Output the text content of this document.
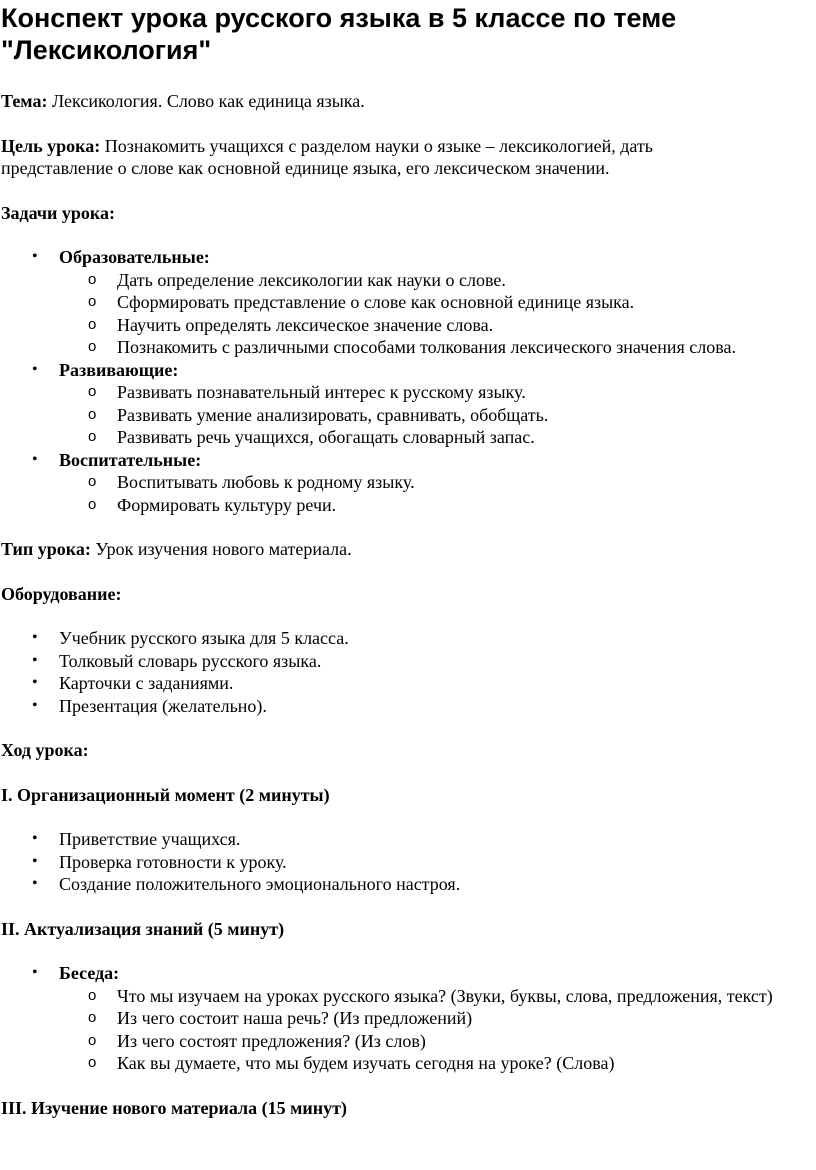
Конспект урока русского языка в 5 классе по теме "Лексикология"

Тема: Лексикология. Слово как единица языка.

Цель урока: Познакомить учащихся с разделом науки о языке – лексикологией, дать представление о слове как основной единице языка, его лексическом значении.

Задачи урока:

• Образовательные:
o Дать определение лексикологии как науки о слове.
o Сформировать представление о слове как основной единице языка.
o Научить определять лексическое значение слова.
o Познакомить с различными способами толкования лексического значения слова.
• Развивающие:
o Развивать познавательный интерес к русскому языку.
o Развивать умение анализировать, сравнивать, обобщать.
o Развивать речь учащихся, обогащать словарный запас.
• Воспитательные:
o Воспитывать любовь к родному языку.
o Формировать культуру речи.

Тип урока: Урок изучения нового материала.

Оборудование:

• Учебник русского языка для 5 класса.
• Толковый словарь русского языка.
• Карточки с заданиями.
• Презентация (желательно).

Ход урока:

I. Организационный момент (2 минуты)

• Приветствие учащихся.
• Проверка готовности к уроку.
• Создание положительного эмоционального настроя.

II. Актуализация знаний (5 минут)

• Беседа:
o Что мы изучаем на уроках русского языка? (Звуки, буквы, слова, предложения, текст)
o Из чего состоит наша речь? (Из предложений)
o Из чего состоят предложения? (Из слов)
o Как вы думаете, что мы будем изучать сегодня на уроке? (Слова)

III. Изучение нового материала (15 минут)
